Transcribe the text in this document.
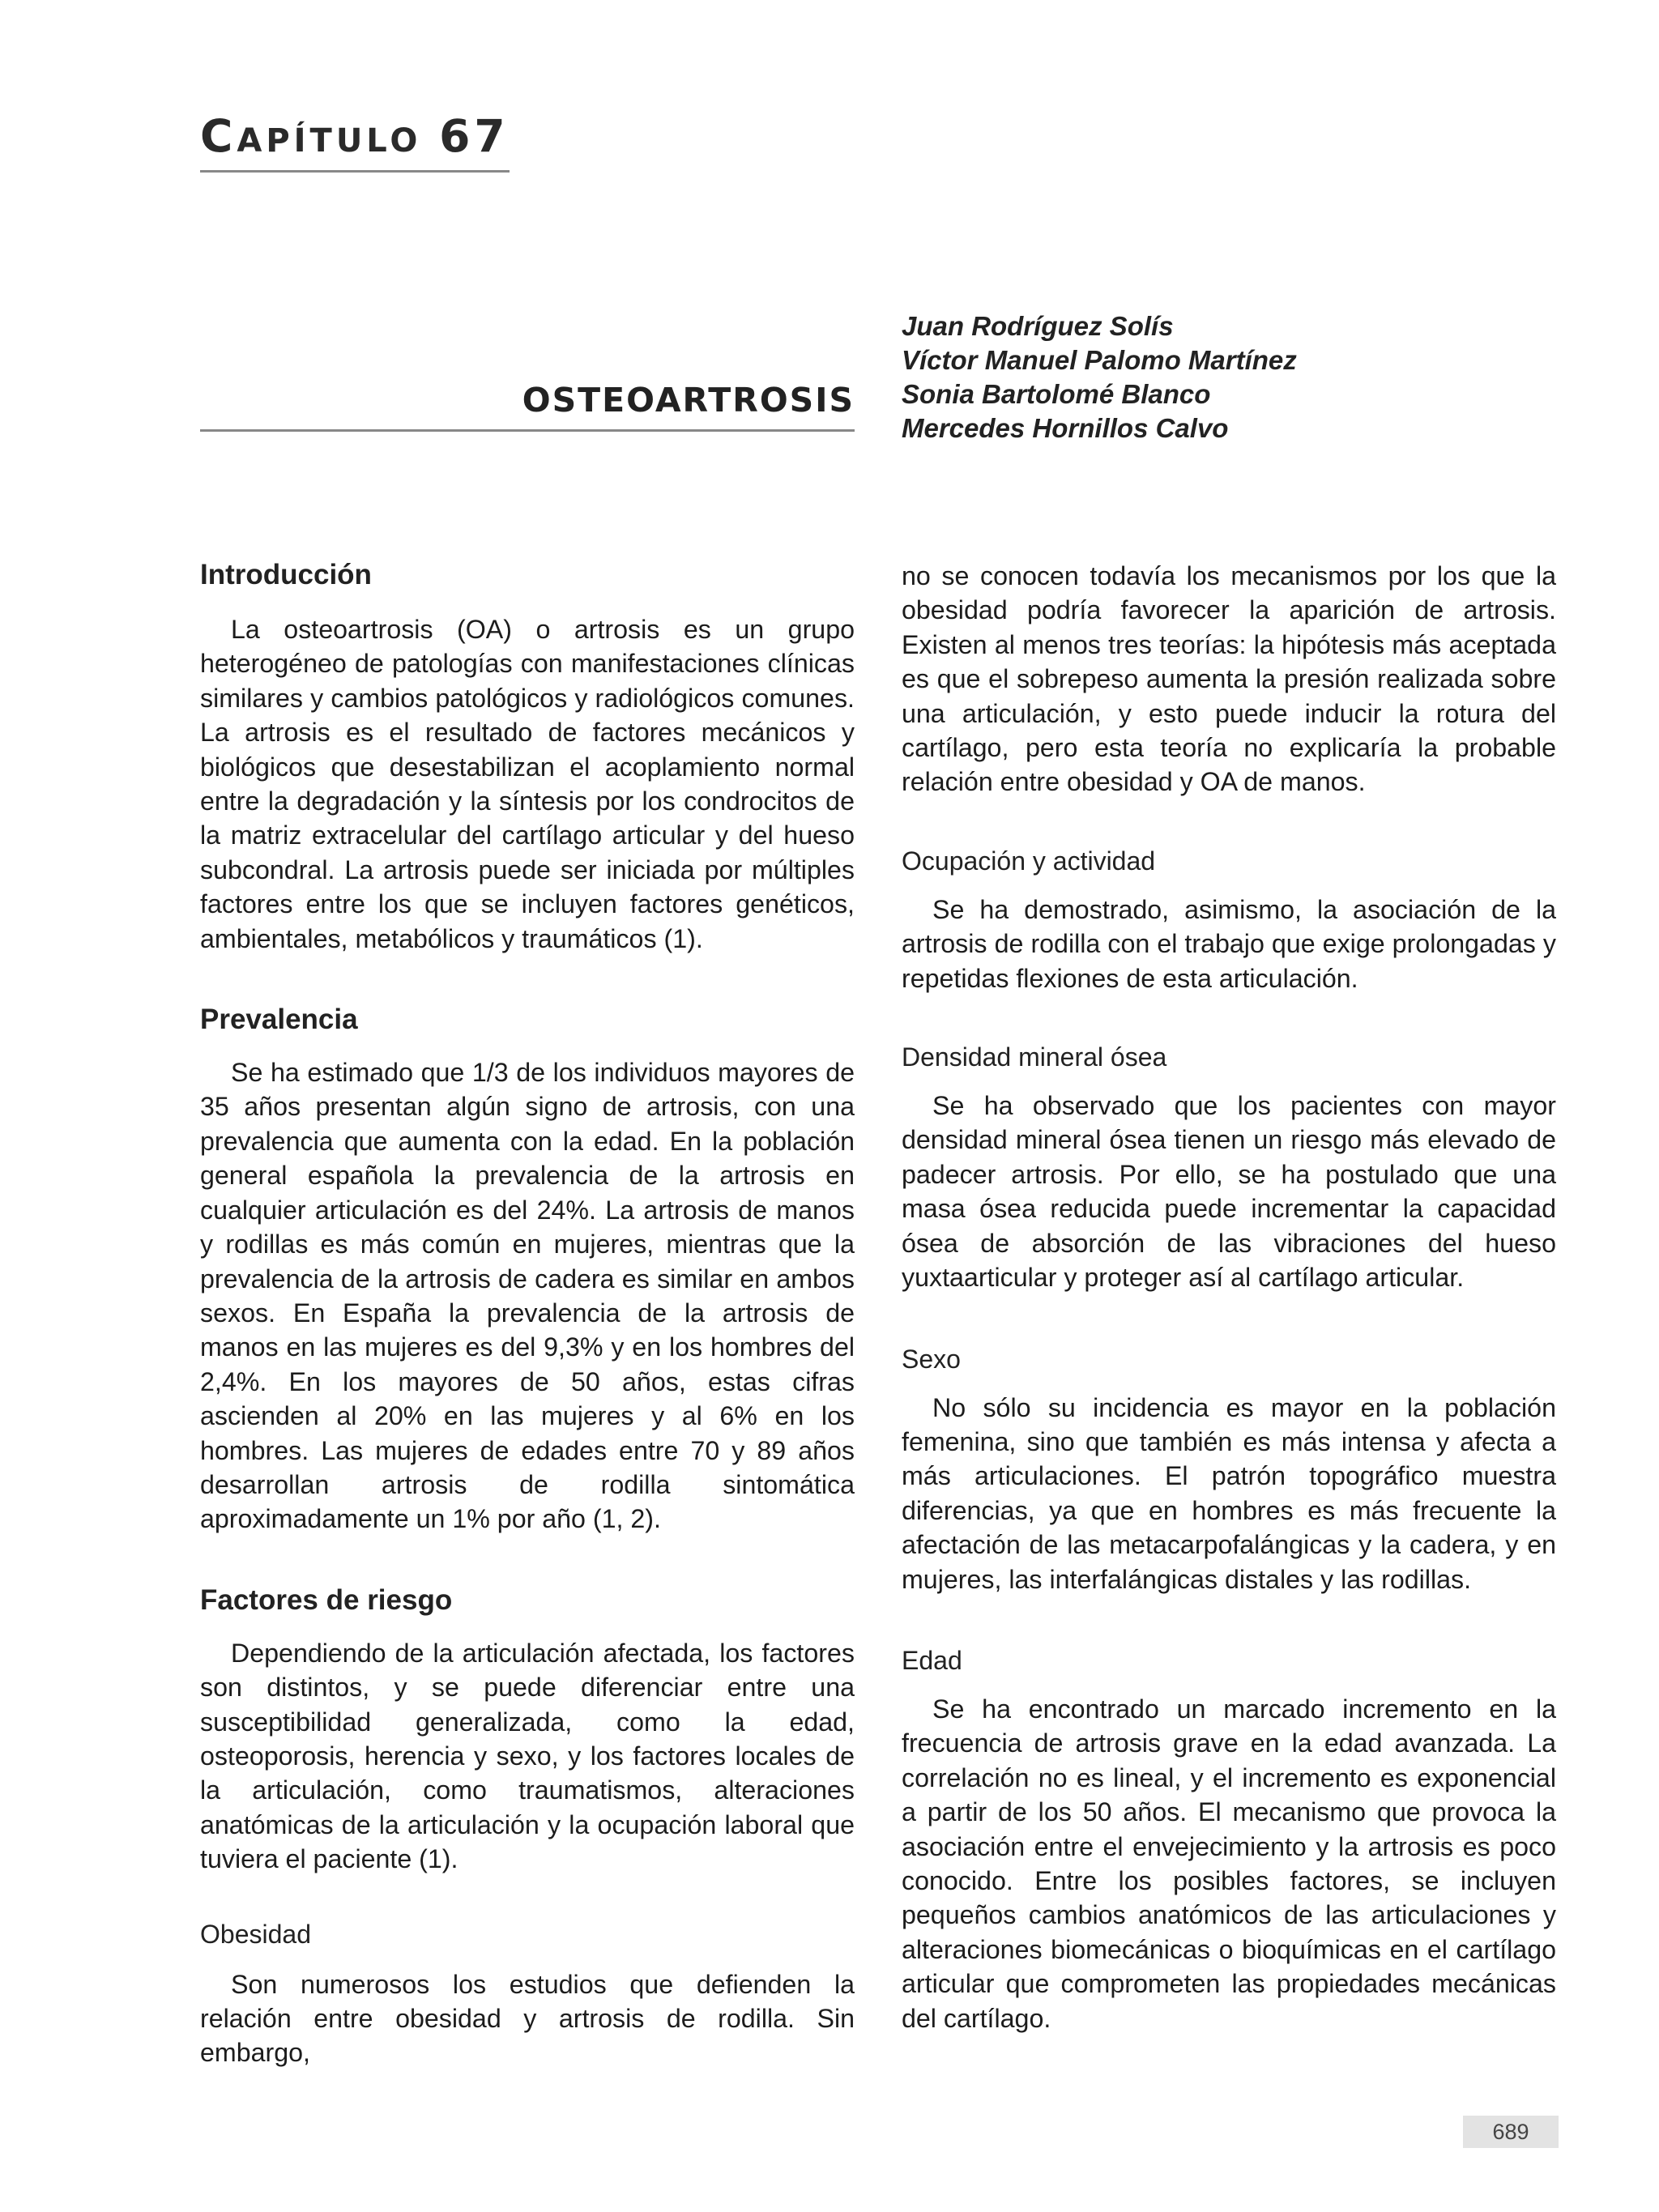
CAPÍTULO 67
OSTEOARTROSIS
Juan Rodríguez Solís
Víctor Manuel Palomo Martínez
Sonia Bartolomé Blanco
Mercedes Hornillos Calvo
Introducción

La osteoartrosis (OA) o artrosis es un grupo heterogéneo de patologías con manifestaciones clínicas similares y cambios patológicos y radiológicos comunes. La artrosis es el resultado de factores mecánicos y biológicos que desestabilizan el acoplamiento normal entre la degradación y la síntesis por los condrocitos de la matriz extracelular del cartílago articular y del hueso subcondral. La artrosis puede ser iniciada por múltiples factores entre los que se incluyen factores genéticos, ambientales, metabólicos y traumáticos (1).

Prevalencia

Se ha estimado que 1/3 de los individuos mayores de 35 años presentan algún signo de artrosis, con una prevalencia que aumenta con la edad. En la población general española la prevalencia de la artrosis en cualquier articulación es del 24%. La artrosis de manos y rodillas es más común en mujeres, mientras que la prevalencia de la artrosis de cadera es similar en ambos sexos. En España la prevalencia de la artrosis de manos en las mujeres es del 9,3% y en los hombres del 2,4%. En los mayores de 50 años, estas cifras ascienden al 20% en las mujeres y al 6% en los hombres. Las mujeres de edades entre 70 y 89 años desarrollan artrosis de rodilla sintomática aproximadamente un 1% por año (1, 2).

Factores de riesgo

Dependiendo de la articulación afectada, los factores son distintos, y se puede diferenciar entre una susceptibilidad generalizada, como la edad, osteoporosis, herencia y sexo, y los factores locales de la articulación, como traumatismos, alteraciones anatómicas de la articulación y la ocupación laboral que tuviera el paciente (1).

Obesidad

Son numerosos los estudios que defienden la relación entre obesidad y artrosis de rodilla. Sin embargo,

no se conocen todavía los mecanismos por los que la obesidad podría favorecer la aparición de artrosis. Existen al menos tres teorías: la hipótesis más aceptada es que el sobrepeso aumenta la presión realizada sobre una articulación, y esto puede inducir la rotura del cartílago, pero esta teoría no explicaría la probable relación entre obesidad y OA de manos.

Ocupación y actividad

Se ha demostrado, asimismo, la asociación de la artrosis de rodilla con el trabajo que exige prolongadas y repetidas flexiones de esta articulación.

Densidad mineral ósea

Se ha observado que los pacientes con mayor densidad mineral ósea tienen un riesgo más elevado de padecer artrosis. Por ello, se ha postulado que una masa ósea reducida puede incrementar la capacidad ósea de absorción de las vibraciones del hueso yuxtaarticular y proteger así al cartílago articular.

Sexo

No sólo su incidencia es mayor en la población femenina, sino que también es más intensa y afecta a más articulaciones. El patrón topográfico muestra diferencias, ya que en hombres es más frecuente la afectación de las metacarpofalángicas y la cadera, y en mujeres, las interfalángicas distales y las rodillas.

Edad

Se ha encontrado un marcado incremento en la frecuencia de artrosis grave en la edad avanzada. La correlación no es lineal, y el incremento es exponencial a partir de los 50 años. El mecanismo que provoca la asociación entre el envejecimiento y la artrosis es poco conocido. Entre los posibles factores, se incluyen pequeños cambios anatómicos de las articulaciones y alteraciones biomecánicas o bioquímicas en el cartílago articular que comprometen las propiedades mecánicas del cartílago.

689
